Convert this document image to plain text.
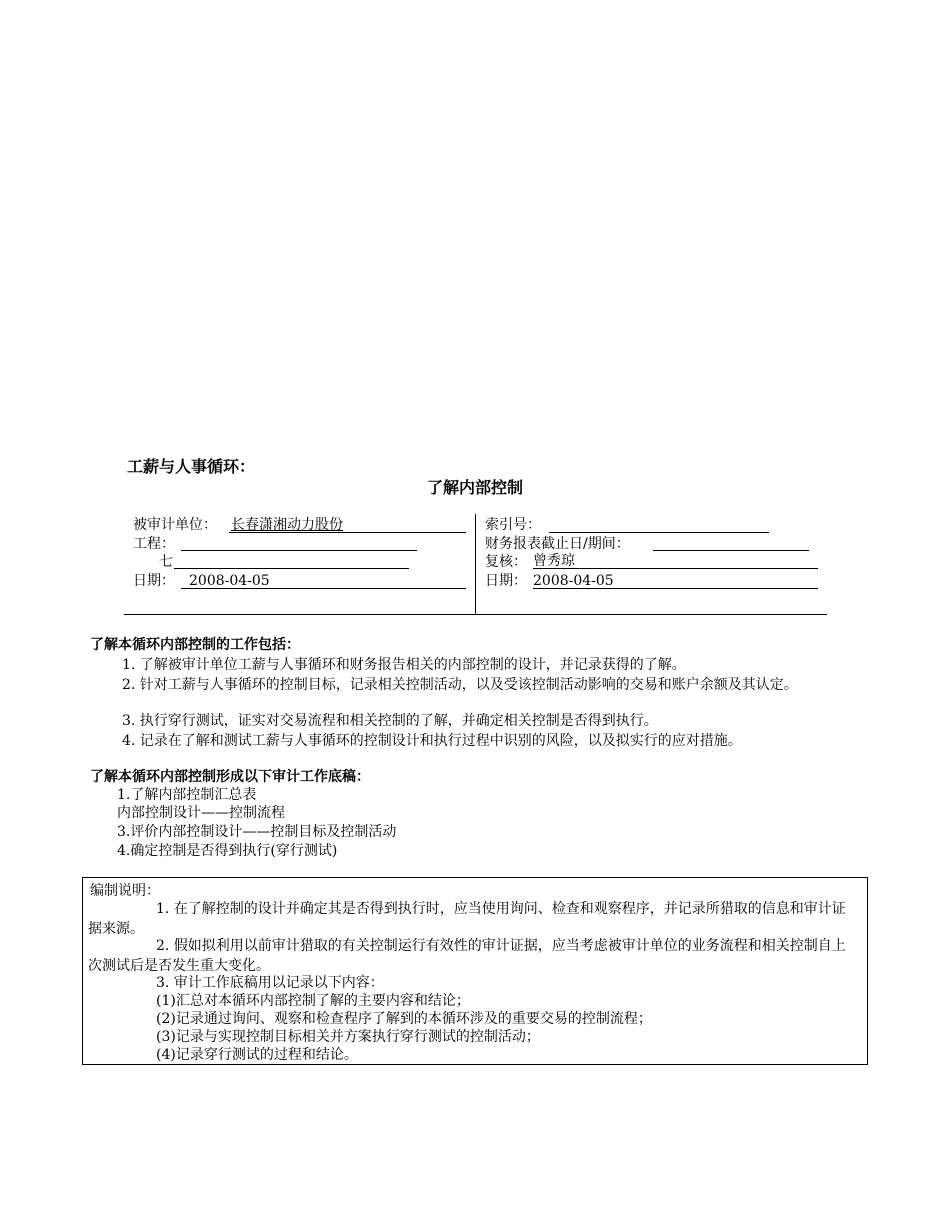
工薪与人事循环：
了解内部控制
被审计单位： 长春潇湘动力股份
工程：
七
日期： 2008-04-05
索引号：
财务报表截止日/期间：
复核： 曾秀琼
日期： 2008-04-05
了解本循环内部控制的工作包括：
1. 了解被审计单位工薪与人事循环和财务报告相关的内部控制的设计，并记录获得的了解。
2. 针对工薪与人事循环的控制目标，记录相关控制活动，以及受该控制活动影响的交易和账户余额及其认定。
3. 执行穿行测试，证实对交易流程和相关控制的了解，并确定相关控制是否得到执行。
4. 记录在了解和测试工薪与人事循环的控制设计和执行过程中识别的风险，以及拟实行的应对措施。
了解本循环内部控制形成以下审计工作底稿：
1.了解内部控制汇总表
内部控制设计——控制流程
3.评价内部控制设计——控制目标及控制活动
4.确定控制是否得到执行(穿行测试)
编制说明：
1. 在了解控制的设计并确定其是否得到执行时，应当使用询问、检查和观察程序，并记录所猎取的信息和审计证据来源。
2. 假如拟利用以前审计猎取的有关控制运行有效性的审计证据，应当考虑被审计单位的业务流程和相关控制自上次测试后是否发生重大变化。
3. 审计工作底稿用以记录以下内容：
(1)汇总对本循环内部控制了解的主要内容和结论；
(2)记录通过询问、观察和检查程序了解到的本循环涉及的重要交易的控制流程；
(3)记录与实现控制目标相关并方案执行穿行测试的控制活动；
(4)记录穿行测试的过程和结论。
